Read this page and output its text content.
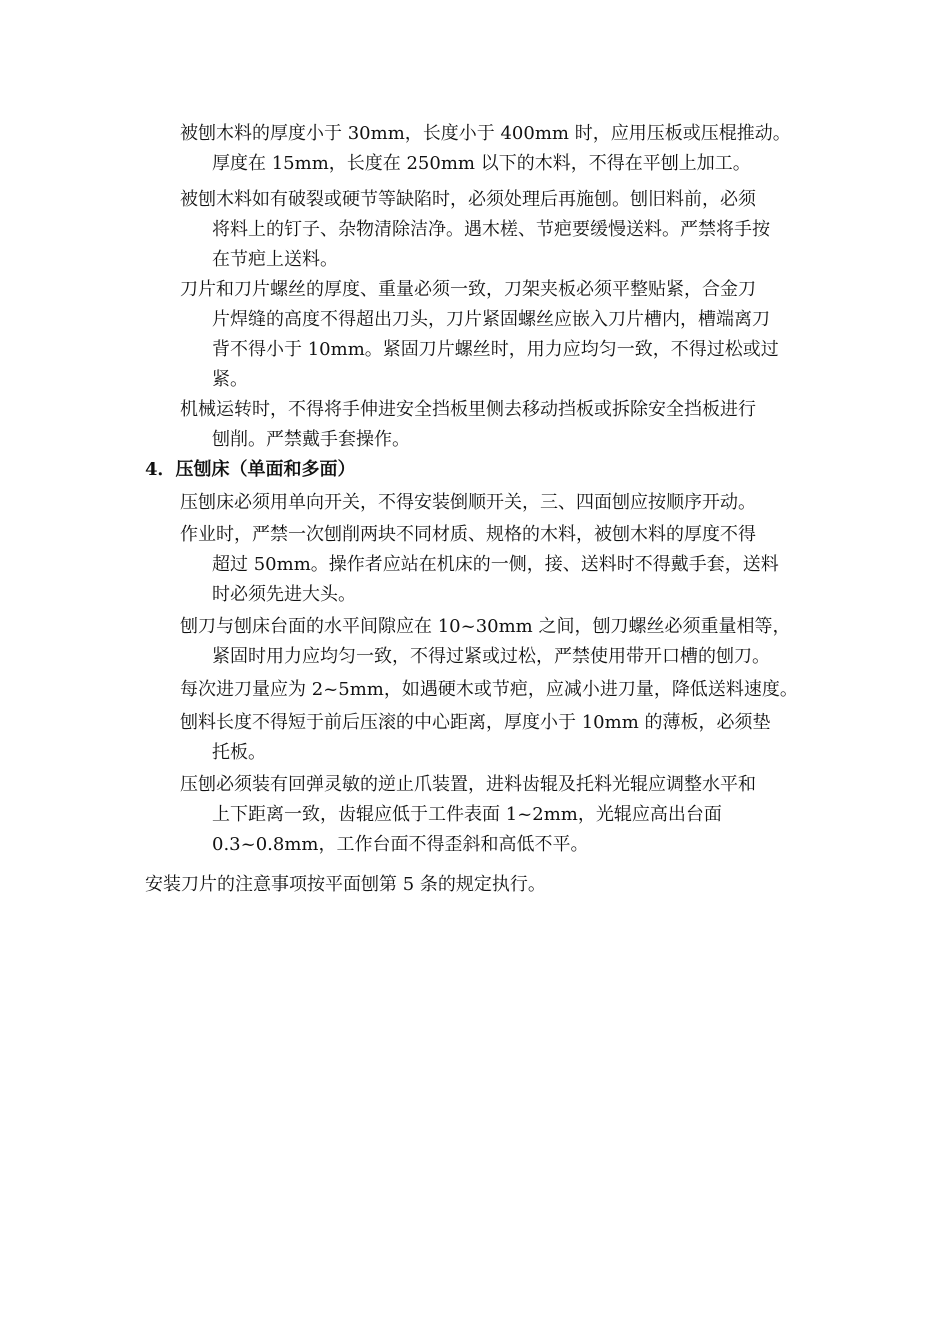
被刨木料的厚度小于 30mm，长度小于 400mm 时，应用压板或压棍推动。
厚度在 15mm，长度在 250mm 以下的木料，不得在平刨上加工。
被刨木料如有破裂或硬节等缺陷时，必须处理后再施刨。刨旧料前，必须
将料上的钉子、杂物清除洁净。遇木槎、节疤要缓慢送料。严禁将手按
在节疤上送料。
刀片和刀片螺丝的厚度、重量必须一致，刀架夹板必须平整贴紧，合金刀
片焊缝的高度不得超出刀头，刀片紧固螺丝应嵌入刀片槽内，槽端离刀
背不得小于 10mm。紧固刀片螺丝时，用力应均匀一致，不得过松或过
紧。
机械运转时，不得将手伸进安全挡板里侧去移动挡板或拆除安全挡板进行
刨削。严禁戴手套操作。
4．压刨床（单面和多面）
压刨床必须用单向开关，不得安装倒顺开关，三、四面刨应按顺序开动。
作业时，严禁一次刨削两块不同材质、规格的木料，被刨木料的厚度不得
超过 50mm。操作者应站在机床的一侧，接、送料时不得戴手套，送料
时必须先进大头。
刨刀与刨床台面的水平间隙应在 10~30mm 之间，刨刀螺丝必须重量相等，
紧固时用力应均匀一致，不得过紧或过松，严禁使用带开口槽的刨刀。
每次进刀量应为 2~5mm，如遇硬木或节疤，应减小进刀量，降低送料速度。
刨料长度不得短于前后压滚的中心距离，厚度小于 10mm 的薄板，必须垫
托板。
压刨必须装有回弹灵敏的逆止爪装置，进料齿辊及托料光辊应调整水平和
上下距离一致，齿辊应低于工件表面 1~2mm，光辊应高出台面
0.3~0.8mm，工作台面不得歪斜和高低不平。
安装刀片的注意事项按平面刨第 5 条的规定执行。
